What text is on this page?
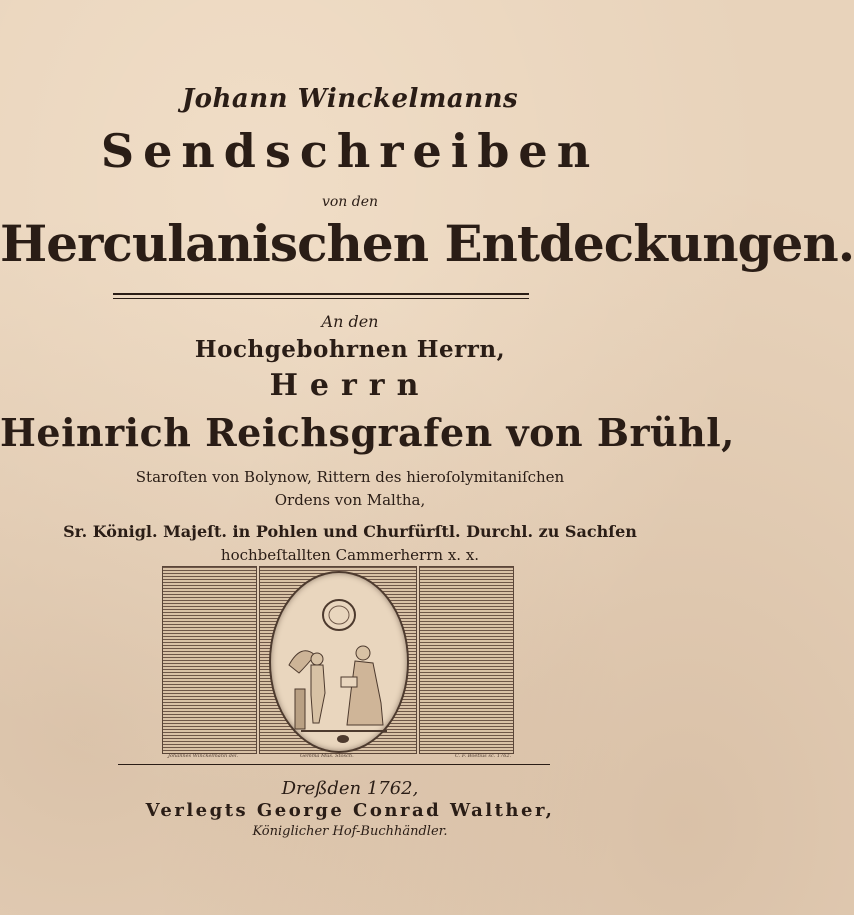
Johann Winckelmanns
Sendschreiben
von den
Herculanischen Entdeckungen.
An den
Hochgebohrnen Herrn,
Herrn
Heinrich Reichsgrafen von Brühl,
Staroſten von Bolynow, Rittern des hieroſolymitaniſchen
Ordens von Maltha,
Sr. Königl. Majeſt. in Pohlen und Churfürſtl. Durchl. zu Sachſen
hochbeſtallten Cammerherrn x. x.
Johannes Winckelmann del.	Gemma Mus. Stosch.	C. F. Boëtius sc. 1762.
Dreßden 1762,
Verlegts George Conrad Walther,
Königlicher Hof-Buchhändler.
